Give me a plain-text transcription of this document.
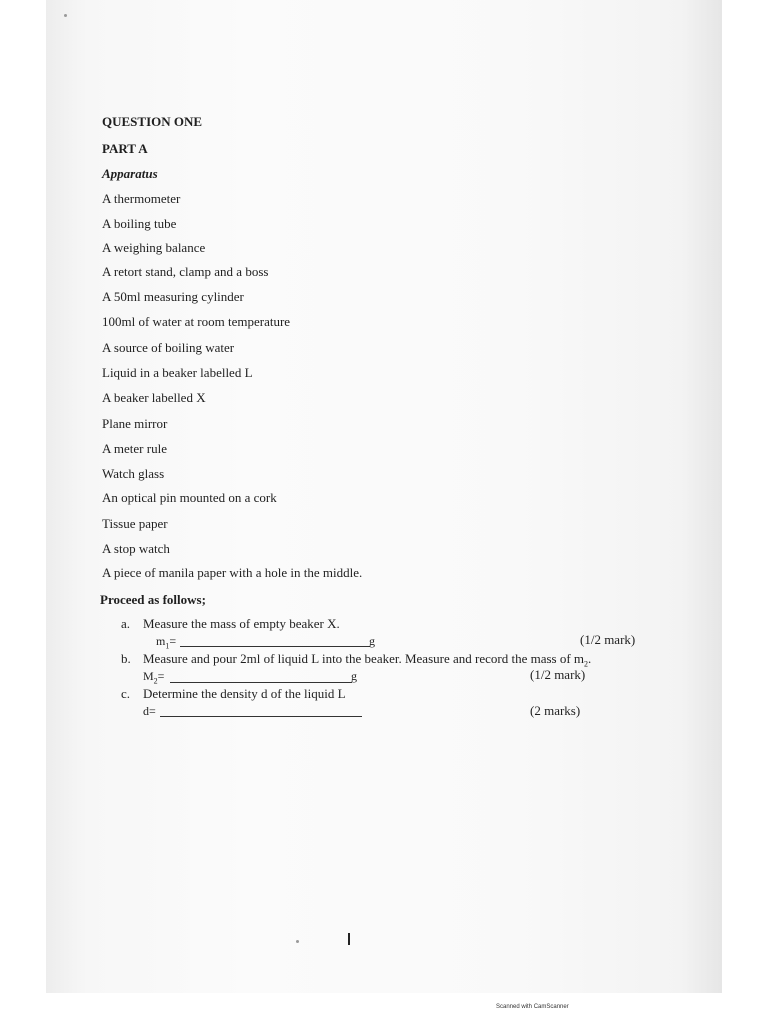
QUESTION ONE
PART A
Apparatus
A thermometer
A boiling tube
A weighing balance
A retort stand, clamp and a boss
A 50ml measuring cylinder
100ml of water at room temperature
A source of boiling water
Liquid in a beaker labelled L
A beaker labelled X
Plane mirror
A meter rule
Watch glass
An optical pin mounted on a cork
Tissue paper
A stop watch
A piece of manila paper with a hole in the middle.
Proceed as follows;
a. Measure the mass of empty beaker X.
$m_1=$	g	(1/2 mark)
b. Measure and pour 2ml of liquid L into the beaker. Measure and record the mass of $m_2$.
$M_2=$	g	(1/2 mark)
c. Determine the density d of the liquid L
d=	(2 marks)
Scanned with CamScanner
